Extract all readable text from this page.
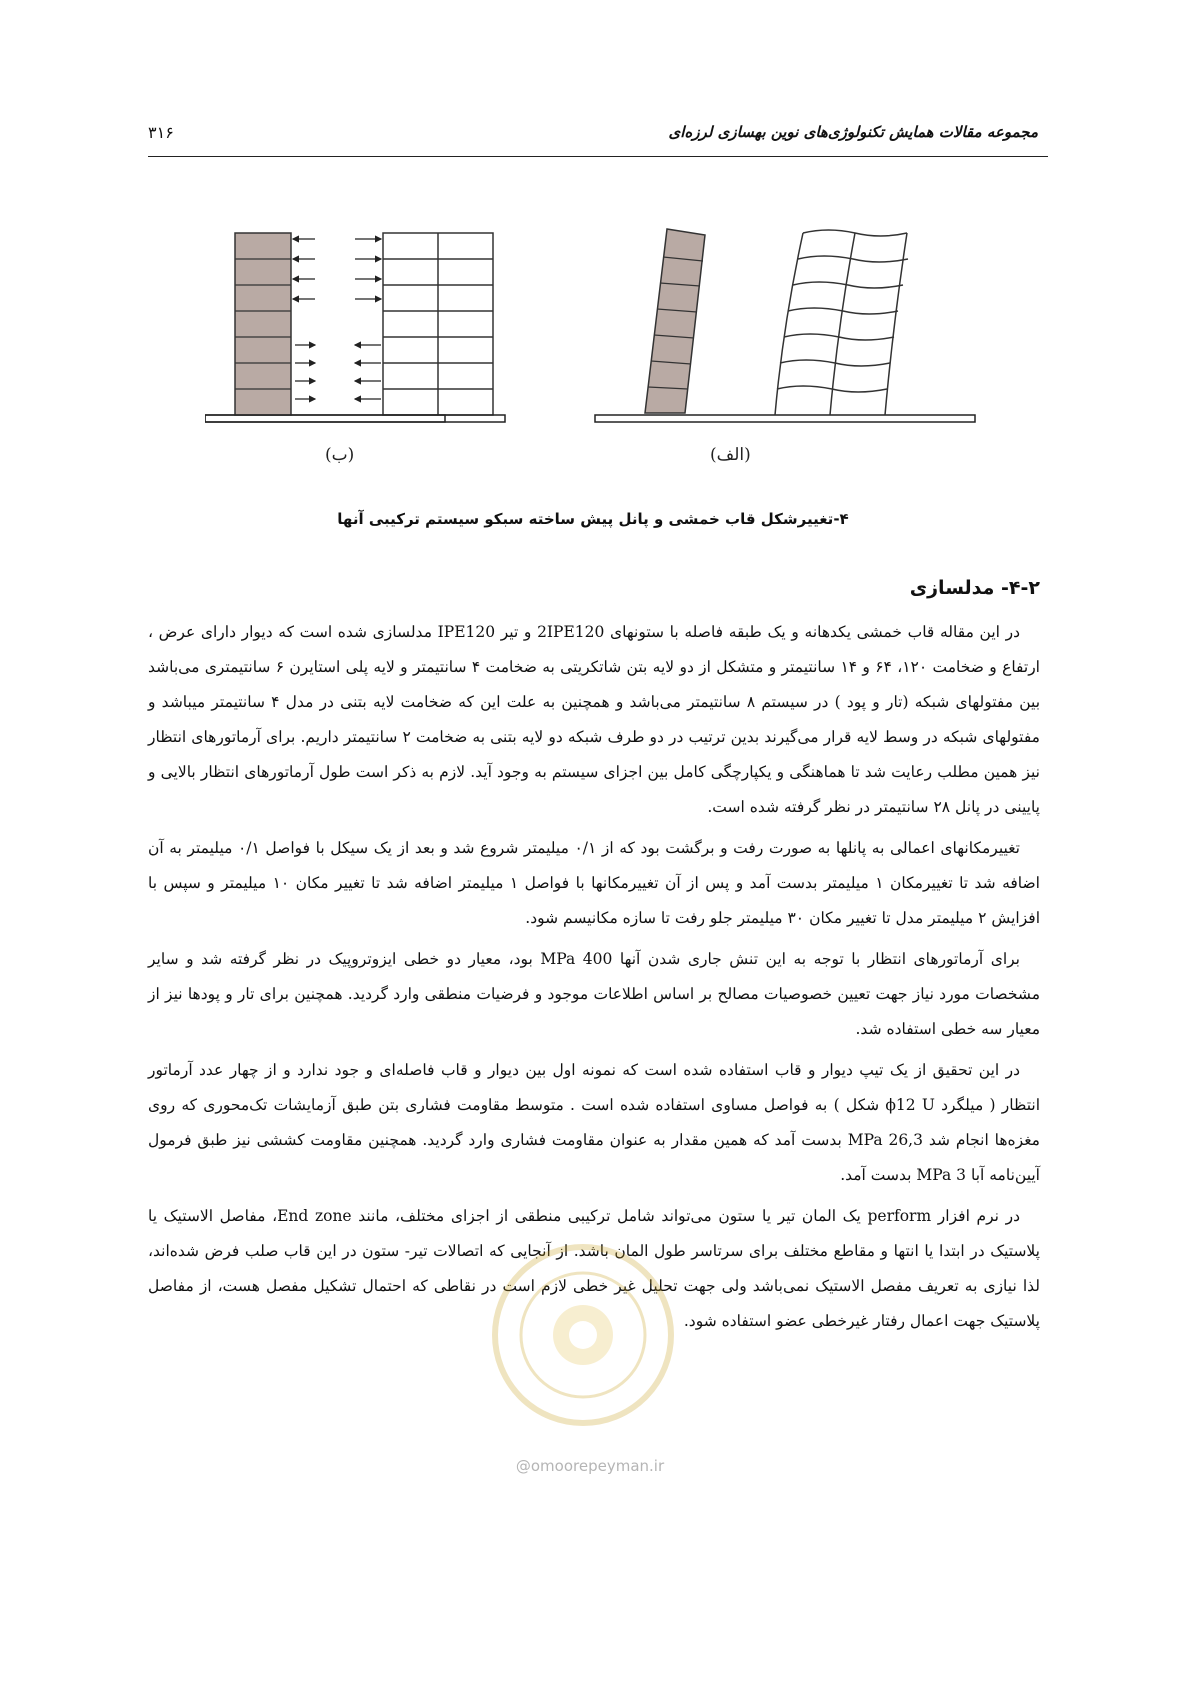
۳۱۶	مجموعه مقالات همایش تکنولوژی‌های نوین بهسازی لرزه‌ای
(ب)	(الف)
۴-تغییرشکل قاب خمشی و پانل پیش ساخته سبکو سیستم ترکیبی آنها
۴-۲- مدلسازی

در این مقاله قاب خمشی یکدهانه و یک طبقه فاصله با ستونهای 2IPE120 و تیر IPE120 مدلسازی شده است که دیوار دارای عرض ، ارتفاع و ضخامت ۱۲۰، ۶۴ و ۱۴ سانتیمتر و متشکل از دو لایه بتن شاتکریتی به ضخامت ۴ سانتیمتر و لایه پلی استایرن ۶ سانتیمتری می‌باشد بین مفتولهای شبکه (تار و پود ) در سیستم ۸ سانتیمتر می‌باشد و همچنین به علت این که ضخامت لایه بتنی در مدل ۴ سانتیمتر میباشد و مفتولهای شبکه در وسط لایه قرار می‌گیرند بدین ترتیب در دو طرف شبکه دو لایه بتنی به ضخامت ۲ سانتیمتر داریم. برای آرماتورهای انتظار نیز همین مطلب رعایت شد تا هماهنگی و یکپارچگی کامل بین اجزای سیستم به وجود آید. لازم به ذکر است طول آرماتورهای انتظار بالایی و پایینی در پانل ۲۸ سانتیمتر در نظر گرفته شده است.

تغییرمکانهای اعمالی به پانلها به صورت رفت و برگشت بود که از ۰/۱ میلیمتر شروع شد و بعد از یک سیکل با فواصل ۰/۱ میلیمتر به آن اضافه شد تا تغییرمکان ۱ میلیمتر بدست آمد و پس از آن تغییرمکانها با فواصل ۱ میلیمتر اضافه شد تا تغییر مکان ۱۰ میلیمتر و سپس با افزایش ۲ میلیمتر مدل تا تغییر مکان ۳۰ میلیمتر جلو رفت تا سازه مکانیسم شود.

برای آرماتورهای انتظار با توجه به این تنش جاری شدن آنها 400 MPa بود، معیار دو خطی ایزوتروپیک در نظر گرفته شد و سایر مشخصات مورد نیاز جهت تعیین خصوصیات مصالح بر اساس اطلاعات موجود و فرضیات منطقی وارد گردید. همچنین برای تار و پودها نیز از معیار سه خطی استفاده شد.

در این تحقیق از یک تیپ دیوار و قاب استفاده شده است که نمونه اول بین دیوار و قاب فاصله‌ای و جود ندارد و از چهار عدد آرماتور انتظار ( میلگرد ϕ12 U شکل ) به فواصل مساوی استفاده شده است . متوسط مقاومت فشاری بتن طبق آزمایشات تک‌محوری که روی مغزه‌ها انجام شد 26,3 MPa بدست آمد که همین مقدار به عنوان مقاومت فشاری وارد گردید. همچنین مقاومت کششی نیز طبق فرمول آیین‌نامه آبا 3 MPa بدست آمد.

در نرم افزار perform یک المان تیر یا ستون می‌تواند شامل ترکیبی منطقی از اجزای مختلف، مانند End zone، مفاصل الاستیک یا پلاستیک در ابتدا یا انتها و مقاطع مختلف برای سرتاسر طول المان باشد. از آنجایی که اتصالات تیر- ستون در این قاب صلب فرض شده‌اند، لذا نیازی به تعریف مفصل الاستیک نمی‌باشد ولی جهت تحلیل غیر خطی لازم است در نقاطی که احتمال تشکیل مفصل هست، از مفاصل پلاستیک جهت اعمال رفتار غیرخطی عضو استفاده شود.

@omoorepeyman.ir
